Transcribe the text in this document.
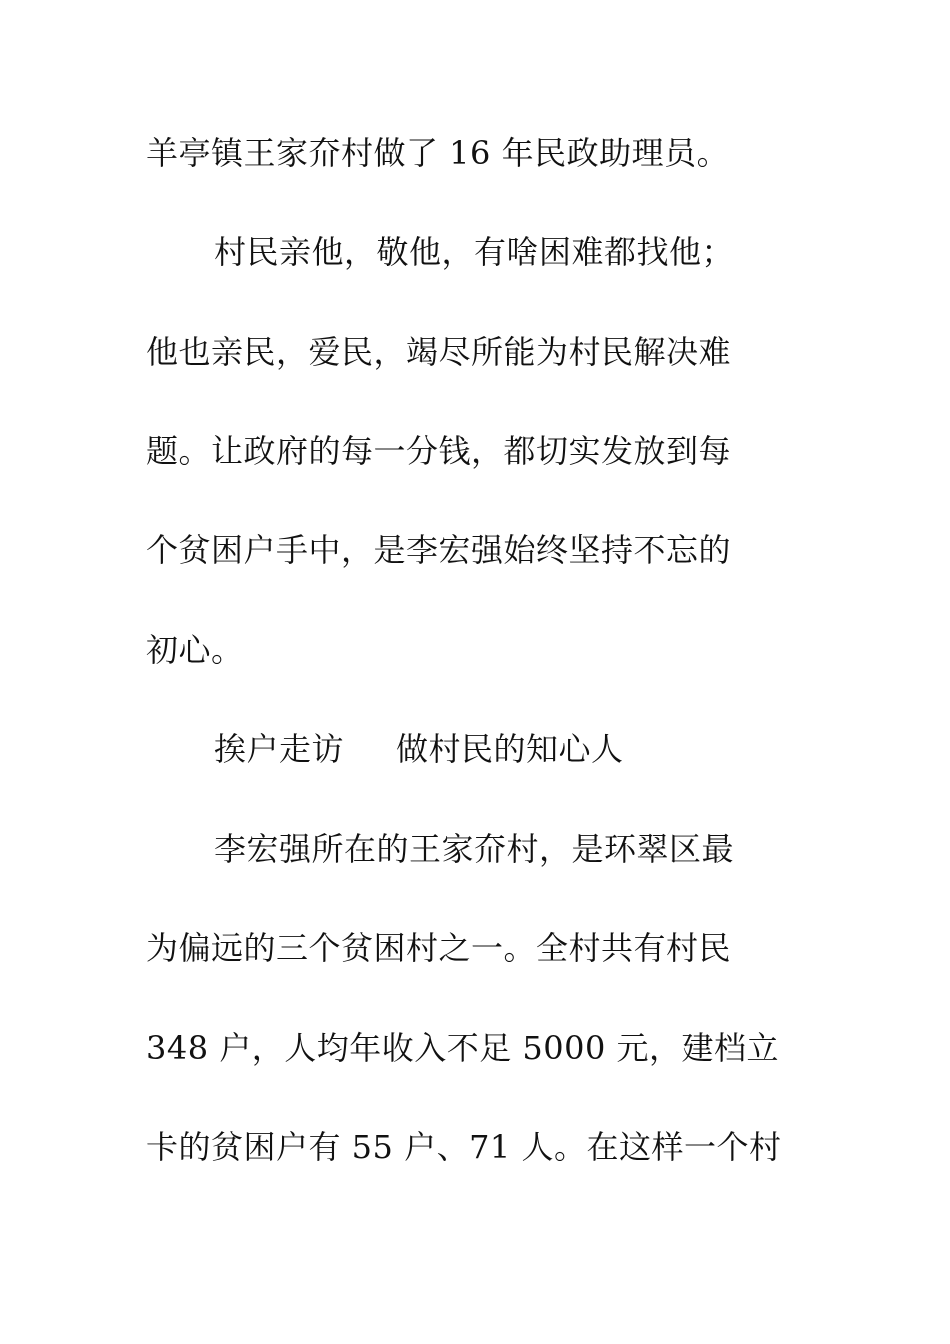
羊亭镇王家夼村做了 16 年民政助理员。

村民亲他，敬他，有啥困难都找他；

他也亲民，爱民，竭尽所能为村民解决难

题。让政府的每一分钱，都切实发放到每

个贫困户手中，是李宏强始终坚持不忘的

初心。

挨户走访 做村民的知心人

李宏强所在的王家夼村，是环翠区最

为偏远的三个贫困村之一。全村共有村民

348 户，人均年收入不足 5000 元，建档立

卡的贫困户有 55 户、71 人。在这样一个村
